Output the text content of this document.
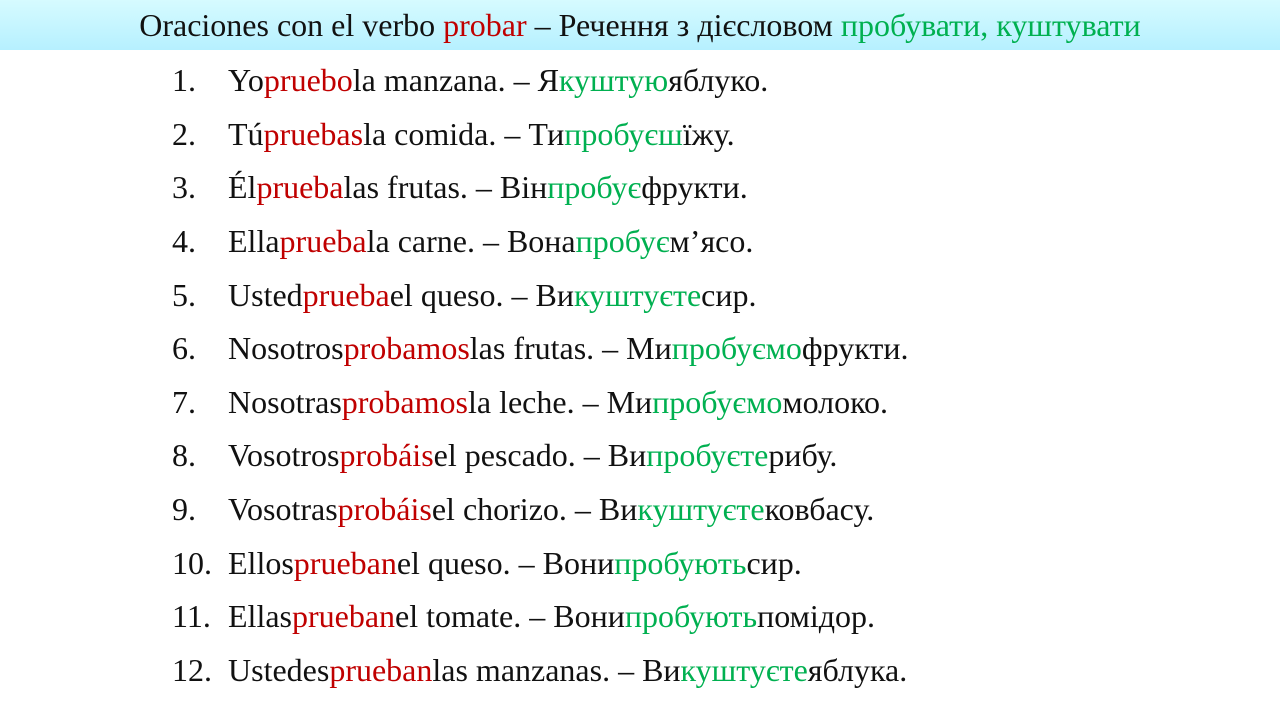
Oraciones con el verbo probar – Речення з дієсловом пробувати, куштувати
1.	Yo pruebo la manzana. – Я куштую яблуко.
2.	Tú pruebas la comida. – Ти пробуєш їжу.
3.	Él prueba las frutas. – Він пробує фрукти.
4.	Ella prueba la carne. – Вона пробує м’ясо.
5.	Usted prueba el queso. – Ви куштуєте сир.
6.	Nosotros probamos las frutas. – Ми пробуємо фрукти.
7.	Nosotras probamos la leche. – Ми пробуємо молоко.
8.	Vosotros probáis el pescado. – Ви пробуєте рибу.
9.	Vosotras probáis el chorizo. – Ви куштуєте ковбасу.
10. Ellos prueban el queso. – Вони пробують сир.
11. Ellas prueban el tomate. – Вони пробують помідор.
12. Ustedes prueban las manzanas. – Ви куштуєте яблука.
